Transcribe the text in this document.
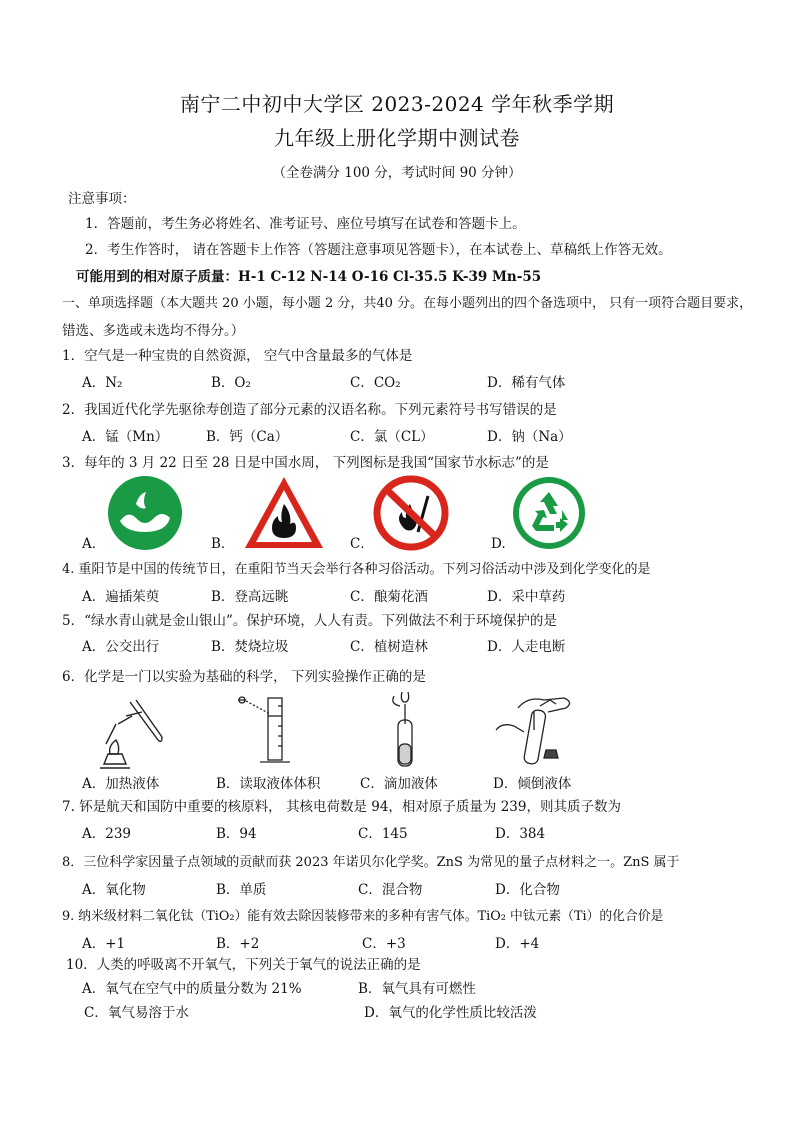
南宁二中初中大学区 2023-2024 学年秋季学期
九年级上册化学期中测试卷
（全卷满分 100 分，考试时间 90 分钟）
注意事项：
1．答题前，考生务必将姓名、准考证号、座位号填写在试卷和答题卡上。
2．考生作答时， 请在答题卡上作答（答题注意事项见答题卡），在本试卷上、草稿纸上作答无效。
可能用到的相对原子质量：H-1 C-12 N-14 O-16 Cl-35.5 K-39 Mn-55
一、单项选择题（本大题共 20 小题，每小题 2 分，共40 分。在每小题列出的四个备选项中， 只有一项符合题目要求，
错选、多选或未选均不得分。）
1．空气是一种宝贵的自然资源， 空气中含量最多的气体是
A．N₂	B．O₂	C．CO₂	D．稀有气体
2．我国近代化学先驱徐寿创造了部分元素的汉语名称。下列元素符号书写错误的是
A．锰（Mn）	B．钙（Ca）	C．氯（CL）	D．钠（Na）
3．每年的 3 月 22 日至 28 日是中国水周， 下列图标是我国“国家节水标志”的是
A．	B．	C．	D.
4. 重阳节是中国的传统节日，在重阳节当天会举行各种习俗活动。下列习俗活动中涉及到化学变化的是
A．遍插茱萸	B．登高远眺	C．酿菊花酒	D．采中草药
5．“绿水青山就是金山银山”。保护环境，人人有责。下列做法不利于环境保护的是
A．公交出行	B．焚烧垃圾	C．植树造林	D．人走电断
6．化学是一门以实验为基础的科学， 下列实验操作正确的是
A．加热液体	B．读取液体体积	C．滴加液体	D．倾倒液体
7. 钚是航天和国防中重要的核原料， 其核电荷数是 94，相对原子质量为 239，则其质子数为
A．239	B．94	C．145	D．384
8．三位科学家因量子点领域的贡献而获 2023 年诺贝尔化学奖。ZnS 为常见的量子点材料之一。ZnS 属于
A．氧化物	B．单质	C．混合物	D．化合物
9. 纳米级材料二氧化钛（TiO₂）能有效去除因装修带来的多种有害气体。TiO₂ 中钛元素（Ti）的化合价是
A．+1	B．+2	C．+3	D．+4
10．人类的呼吸离不开氧气，下列关于氧气的说法正确的是
A．氧气在空气中的质量分数为 21%	B．氧气具有可燃性
C．氧气易溶于水	D．氧气的化学性质比较活泼
